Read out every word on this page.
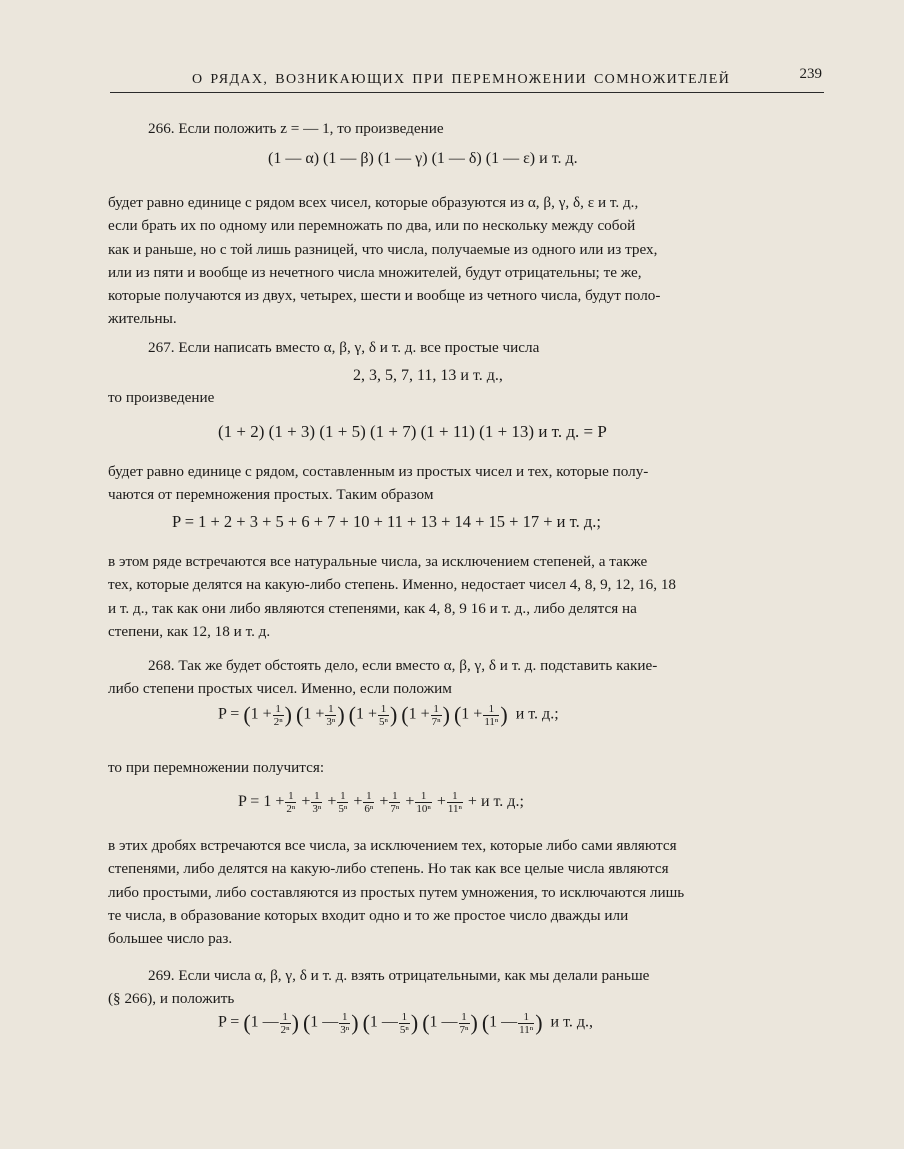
О РЯДАХ, ВОЗНИКАЮЩИХ ПРИ ПЕРЕМНОЖЕНИИ СОМНОЖИТЕЛЕЙ	239

266. Если положить z = — 1, то произведение

(1 — α) (1 — β) (1 — γ) (1 — δ) (1 — ε) и т. д.

будет равно единице с рядом всех чисел, которые образуются из α, β, γ, δ, ε и т. д.,
если брать их по одному или перемножать по два, или по нескольку между собой
как и раньше, но с той лишь разницей, что числа, получаемые из одного или из трех,
или из пяти и вообще из нечетного числа множителей, будут отрицательны; те же,
которые получаются из двух, четырех, шести и вообще из четного числа, будут поло-
жительны.

267. Если написать вместо α, β, γ, δ и т. д. все простые числа

2, 3, 5, 7, 11, 13 и т. д.,

то произведение

(1 + 2) (1 + 3) (1 + 5) (1 + 7) (1 + 11) (1 + 13) и т. д. = P

будет равно единице с рядом, составленным из простых чисел и тех, которые полу-
чаются от перемножения простых. Таким образом

P = 1 + 2 + 3 + 5 + 6 + 7 + 10 + 11 + 13 + 14 + 15 + 17 + и т. д.;

в этом ряде встречаются все натуральные числа, за исключением степеней, а также
тех, которые делятся на какую-либо степень. Именно, недостает чисел 4, 8, 9, 12, 16, 18
и т. д., так как они либо являются степенями, как 4, 8, 9 16 и т. д., либо делятся на
степени, как 12, 18 и т. д.

268. Так же будет обстоять дело, если вместо α, β, γ, δ и т. д. подставить какие-
либо степени простых чисел. Именно, если положим

$P = (1 + \frac{1}{\text{2ⁿ}}$ ) ($1 + \frac{1}{\text{3ⁿ}}$ ) ($1 + \frac{1}{\text{5ⁿ}}$ ) ($1 + \frac{1}{\text{7ⁿ}}$ ) ($1 + \frac{1}{\text{11ⁿ}}$ ) и т. д.;

то при перемножении получится:

$P = 1 + \frac{1}{\text{2ⁿ}} + \frac{1}{\text{3ⁿ}} + \frac{1}{\text{5ⁿ}} + \frac{1}{\text{6ⁿ}} + \frac{1}{\text{7ⁿ}} + \frac{1}{\text{10ⁿ}} + \frac{1}{\text{11ⁿ}} + и$ т. д.;

в этих дробях встречаются все числа, за исключением тех, которые либо сами являются
степенями, либо делятся на какую-либо степень. Но так как все целые числа являются
либо простыми, либо составляются из простых путем умножения, то исключаются лишь
те числа, в образование которых входит одно и то же простое число дважды или
большее число раз.

269. Если числа α, β, γ, δ и т. д. взять отрицательными, как мы делали раньше
(§ 266), и положить

P = (1 — $\frac{1}{\text{2ⁿ}}$ ) (1 — $\frac{1}{\text{3ⁿ}}$ ) (1 — $\frac{1}{\text{5ⁿ}}$ ) (1 — $\frac{1}{\text{7ⁿ}}$ ) (1 — $\frac{1}{\text{11ⁿ}}$ ) и т. д.,
